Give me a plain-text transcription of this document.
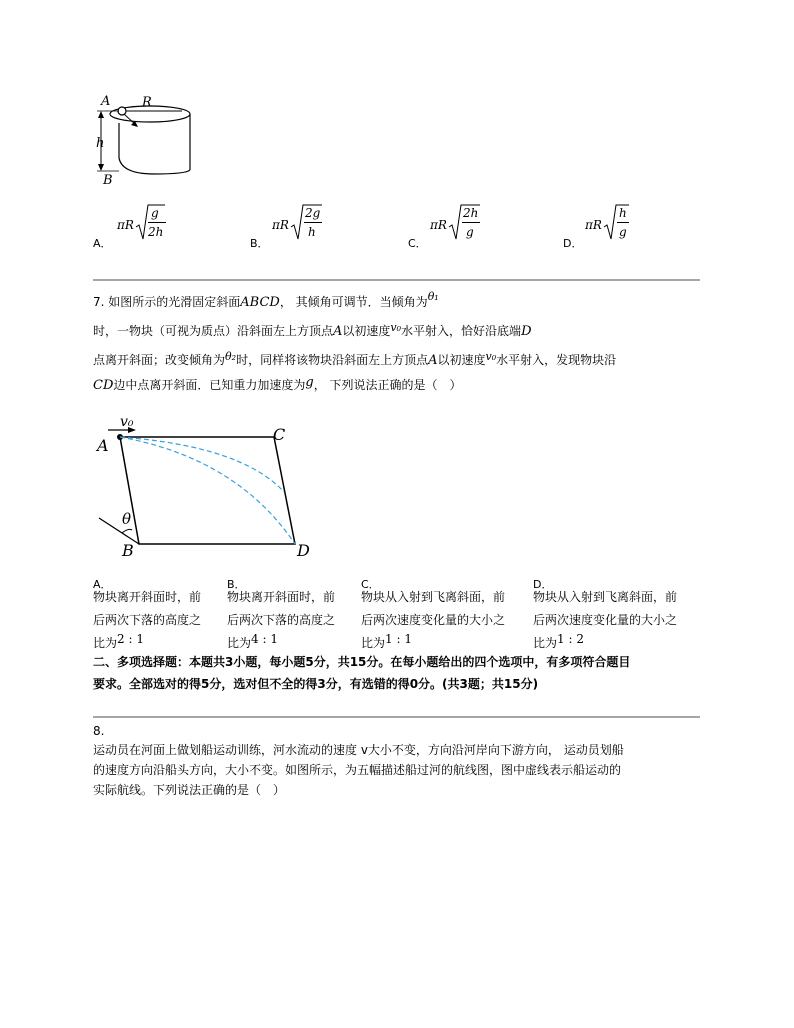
A R
h
B
A．
πR
g
2h
B．
πR
2g
h
C．
πR
2h
g
D．
πR
h
g
7. 如图所示的光滑固定斜面ABCD， 其倾角可调节．当倾角为θ₁
时，一物块（可视为质点）沿斜面左上方顶点A以初速度v₀水平射入，恰好沿底端D
点离开斜面；改变倾角为θ₂时，同样将该物块沿斜面左上方顶点A以初速度v₀水平射入，发现物块沿
CD边中点离开斜面．已知重力加速度为g， 下列说法正确的是（　）
v₀
A
C
θ
B	D
A．
物块离开斜面时，前
后两次下落的高度之
比为2 : 1
B．
物块离开斜面时，前
后两次下落的高度之
比为4 : 1
C．
物块从入射到飞离斜面，前
后两次速度变化量的大小之
比为1 : 1
D．
物块从入射到飞离斜面，前
后两次速度变化量的大小之
比为1 : 2
二、多项选择题：本题共3小题，每小题5分，共15分。在每小题给出的四个选项中，有多项符合题目
要求。全部选对的得5分，选对但不全的得3分，有选错的得0分。(共3题；共15分)
8.
运动员在河面上做划船运动训练，河水流动的速度 v大小不变，方向沿河岸向下游方向， 运动员划船
的速度方向沿船头方向，大小不变。如图所示，为五幅描述船过河的航线图，图中虚线表示船运动的
实际航线。下列说法正确的是（　）
